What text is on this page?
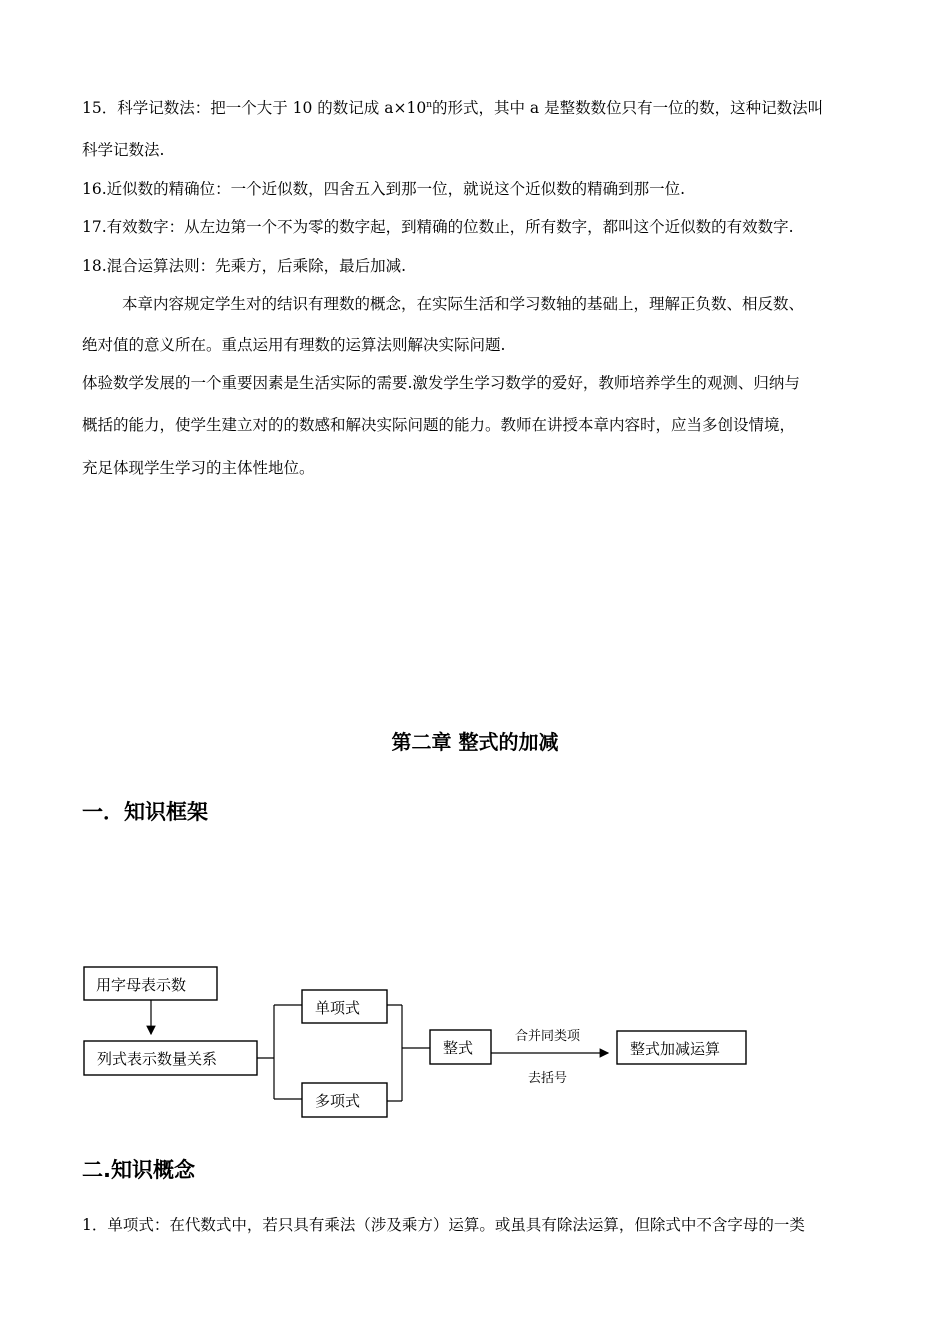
15．科学记数法：把一个大于 10 的数记成 $a\times 10^n$的形式，其中 a 是整数数位只有一位的数，这种记数法叫
科学记数法.
16.近似数的精确位：一个近似数，四舍五入到那一位，就说这个近似数的精确到那一位.
17.有效数字：从左边第一个不为零的数字起，到精确的位数止，所有数字，都叫这个近似数的有效数字.
18.混合运算法则：先乘方，后乘除，最后加减.
本章内容规定学生对的结识有理数的概念，在实际生活和学习数轴的基础上，理解正负数、相反数、
绝对值的意义所在。重点运用有理数的运算法则解决实际问题.
体验数学发展的一个重要因素是生活实际的需要.激发学生学习数学的爱好，教师培养学生的观测、归纳与
概括的能力，使学生建立对的的数感和解决实际问题的能力。教师在讲授本章内容时，应当多创设情境，
充足体现学生学习的主体性地位。
第二章 整式的加减
一．知识框架
用字母表示数
列式表示数量关系
单项式
多项式
整式
合并同类项
去括号
整式加减运算
二.知识概念
1．单项式：在代数式中，若只具有乘法（涉及乘方）运算。或虽具有除法运算，但除式中不含字母的一类
